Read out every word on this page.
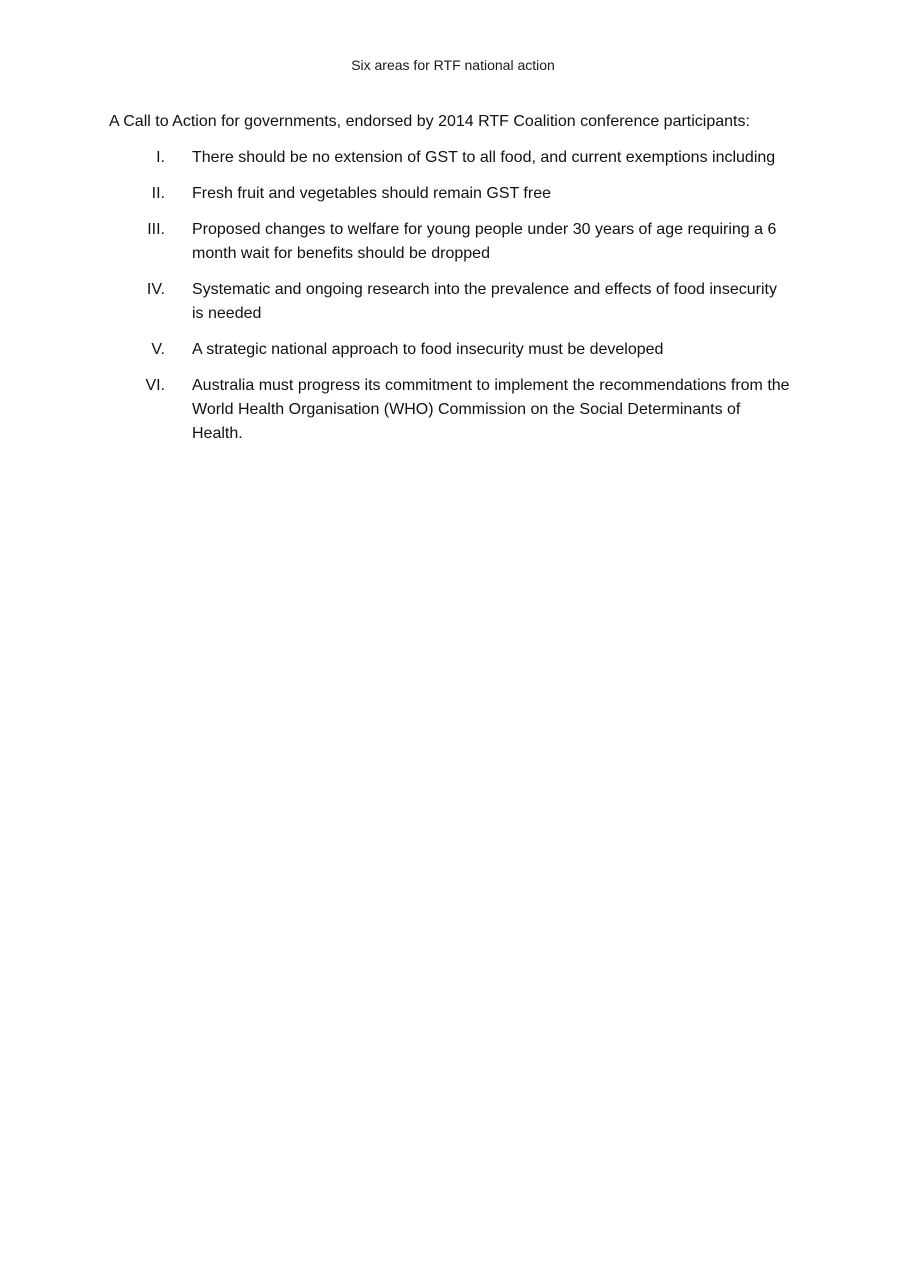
Six areas for RTF national action
A Call to Action for governments, endorsed by 2014 RTF Coalition conference participants:
I. There should be no extension of GST to all food, and current exemptions including
II. Fresh fruit and vegetables should remain GST free
III. Proposed changes to welfare for young people under 30 years of age requiring a 6 month wait for benefits should be dropped
IV. Systematic and ongoing research into the prevalence and effects of food insecurity is needed
V. A strategic national approach to food insecurity must be developed
VI. Australia must progress its commitment to implement the recommendations from the World Health Organisation (WHO) Commission on the Social Determinants of Health.
